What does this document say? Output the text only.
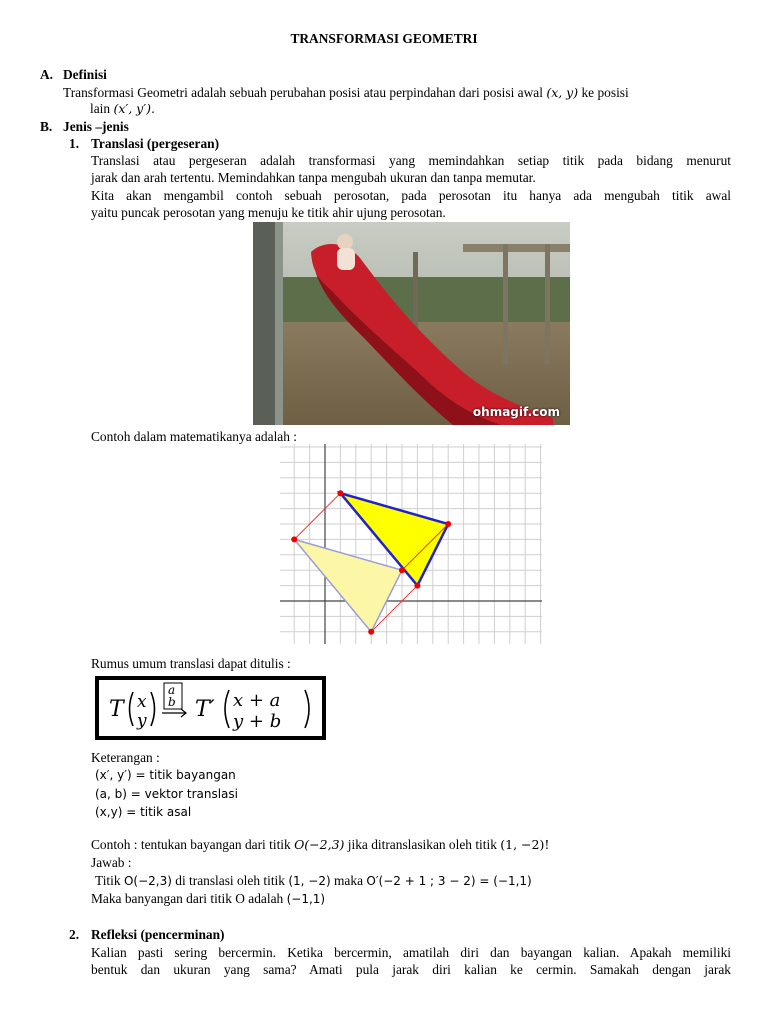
TRANSFORMASI GEOMETRI
A. Definisi
Transformasi Geometri adalah sebuah perubahan posisi atau perpindahan dari posisi awal (x, y) ke posisi
lain (x′, y′).
B. Jenis –jenis
1. Translasi (pergeseran)
Translasi atau pergeseran adalah transformasi yang memindahkan setiap titik pada bidang menurut
jarak dan arah tertentu. Memindahkan tanpa mengubah ukuran dan tanpa memutar.
Kita akan mengambil contoh sebuah perosotan, pada perosotan itu hanya ada mengubah titik awal
yaitu puncak perosotan yang menuju ke titik ahir ujung perosotan.
ohmagif.com
Contoh dalam matematikanya adalah :
Rumus umum translasi dapat ditulis :
T x
y
a
b T′ x + a
y + b
Keterangan :
(x′, y′) = titik bayangan
(a, b) = vektor translasi
(x,y) = titik asal
Contoh : tentukan bayangan dari titik O(−2,3) jika ditranslasikan oleh titik (1, −2)!
Jawab :
Titik O(−2,3) di translasi oleh titik (1, −2) maka O′(−2 + 1 ; 3 − 2) = (−1,1)
Maka banyangan dari titik O adalah (−1,1)
2. Refleksi (pencerminan)
Kalian pasti sering bercermin. Ketika bercermin, amatilah diri dan bayangan kalian. Apakah memiliki
bentuk dan ukuran yang sama? Amati pula jarak diri kalian ke cermin. Samakah dengan jarak
